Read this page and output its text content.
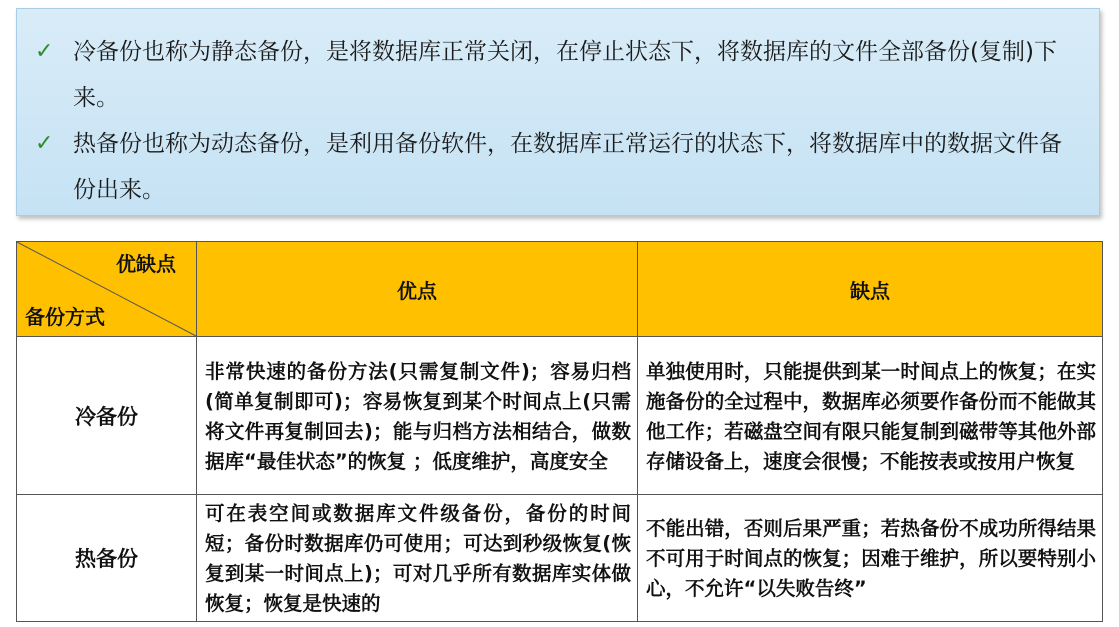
✓ 冷备份也称为静态备份，是将数据库正常关闭，在停止状态下，将数据库的文件全部备份(复制)下来。
✓ 热备份也称为动态备份，是利用备份软件，在数据库正常运行的状态下，将数据库中的数据文件备份出来。
优缺点
备份方式	优点	缺点
冷备份	非常快速的备份方法(只需复制文件)；容易归档(简单复制即可)；容易恢复到某个时间点上(只需将文件再复制回去)；能与归档方法相结合，做数据库“最佳状态”的恢复 ；低度维护，高度安全	单独使用时，只能提供到某一时间点上的恢复；在实施备份的全过程中，数据库必须要作备份而不能做其他工作；若磁盘空间有限只能复制到磁带等其他外部存储设备上，速度会很慢；不能按表或按用户恢复
热备份	可在表空间或数据库文件级备份，备份的时间短；备份时数据库仍可使用；可达到秒级恢复(恢复到某一时间点上)；可对几乎所有数据库实体做恢复；恢复是快速的	不能出错，否则后果严重；若热备份不成功所得结果不可用于时间点的恢复；因难于维护，所以要特别小心，不允许“以失败告终”
